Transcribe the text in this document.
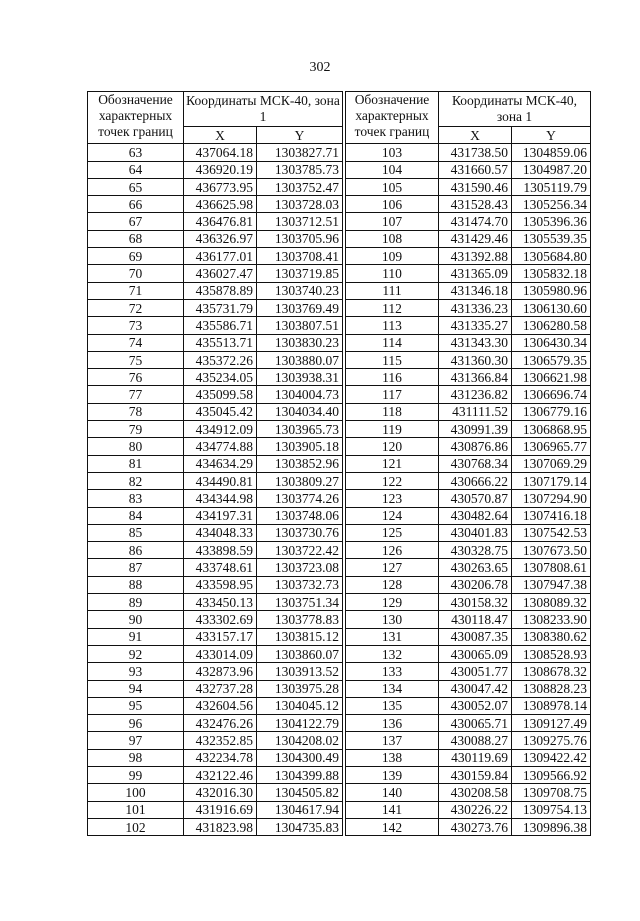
302
Обозначение характерных точек границ	Координаты МСК-40, зона 1	
	X	Y
63	437064.18	1303827.71
64	436920.19	1303785.73
65	436773.95	1303752.47
66	436625.98	1303728.03
67	436476.81	1303712.51
68	436326.97	1303705.96
69	436177.01	1303708.41
70	436027.47	1303719.85
71	435878.89	1303740.23
72	435731.79	1303769.49
73	435586.71	1303807.51
74	435513.71	1303830.23
75	435372.26	1303880.07
76	435234.05	1303938.31
77	435099.58	1304004.73
78	435045.42	1304034.40
79	434912.09	1303965.73
80	434774.88	1303905.18
81	434634.29	1303852.96
82	434490.81	1303809.27
83	434344.98	1303774.26
84	434197.31	1303748.06
85	434048.33	1303730.76
86	433898.59	1303722.42
87	433748.61	1303723.08
88	433598.95	1303732.73
89	433450.13	1303751.34
90	433302.69	1303778.83
91	433157.17	1303815.12
92	433014.09	1303860.07
93	432873.96	1303913.52
94	432737.28	1303975.28
95	432604.56	1304045.12
96	432476.26	1304122.79
97	432352.85	1304208.02
98	432234.78	1304300.49
99	432122.46	1304399.88
100	432016.30	1304505.82
101	431916.69	1304617.94
102	431823.98	1304735.83
Обозначение характерных точек границ	Координаты МСК-40, зона 1	
	X	Y
103	431738.50	1304859.06
104	431660.57	1304987.20
105	431590.46	1305119.79
106	431528.43	1305256.34
107	431474.70	1305396.36
108	431429.46	1305539.35
109	431392.88	1305684.80
110	431365.09	1305832.18
111	431346.18	1305980.96
112	431336.23	1306130.60
113	431335.27	1306280.58
114	431343.30	1306430.34
115	431360.30	1306579.35
116	431366.84	1306621.98
117	431236.82	1306696.74
118	431111.52	1306779.16
119	430991.39	1306868.95
120	430876.86	1306965.77
121	430768.34	1307069.29
122	430666.22	1307179.14
123	430570.87	1307294.90
124	430482.64	1307416.18
125	430401.83	1307542.53
126	430328.75	1307673.50
127	430263.65	1307808.61
128	430206.78	1307947.38
129	430158.32	1308089.32
130	430118.47	1308233.90
131	430087.35	1308380.62
132	430065.09	1308528.93
133	430051.77	1308678.32
134	430047.42	1308828.23
135	430052.07	1308978.14
136	430065.71	1309127.49
137	430088.27	1309275.76
138	430119.69	1309422.42
139	430159.84	1309566.92
140	430208.58	1309708.75
141	430226.22	1309754.13
142	430273.76	1309896.38
